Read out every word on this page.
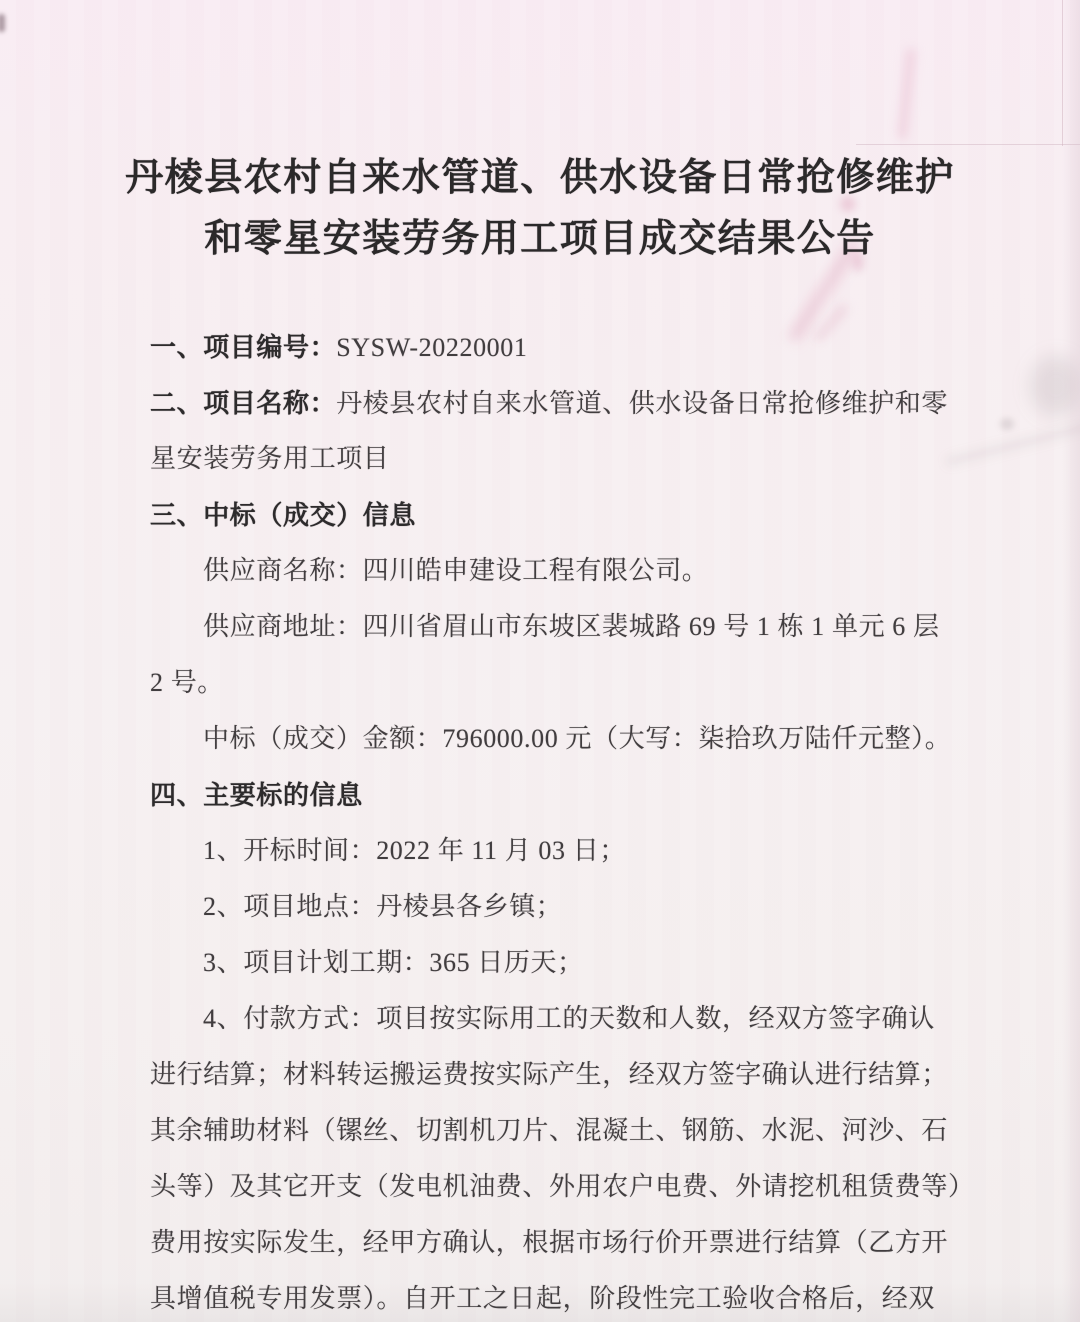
丹棱县农村自来水管道、供水设备日常抢修维护
和零星安装劳务用工项目成交结果公告
一、项目编号：SYSW-20220001
二、项目名称：丹棱县农村自来水管道、供水设备日常抢修维护和零
星安装劳务用工项目
三、中标（成交）信息
供应商名称：四川皓申建设工程有限公司。
供应商地址：四川省眉山市东坡区裴城路 69 号 1 栋 1 单元 6 层
2 号。
中标（成交）金额：796000.00 元（大写：柒拾玖万陆仟元整）。
四、主要标的信息
1、开标时间：2022 年 11 月 03 日；
2、项目地点：丹棱县各乡镇；
3、项目计划工期：365 日历天；
4、付款方式：项目按实际用工的天数和人数，经双方签字确认
进行结算；材料转运搬运费按实际产生，经双方签字确认进行结算；
其余辅助材料（镙丝、切割机刀片、混凝土、钢筋、水泥、河沙、石
头等）及其它开支（发电机油费、外用农户电费、外请挖机租赁费等）
费用按实际发生，经甲方确认，根据市场行价开票进行结算（乙方开
具增值税专用发票）。自开工之日起，阶段性完工验收合格后，经双
